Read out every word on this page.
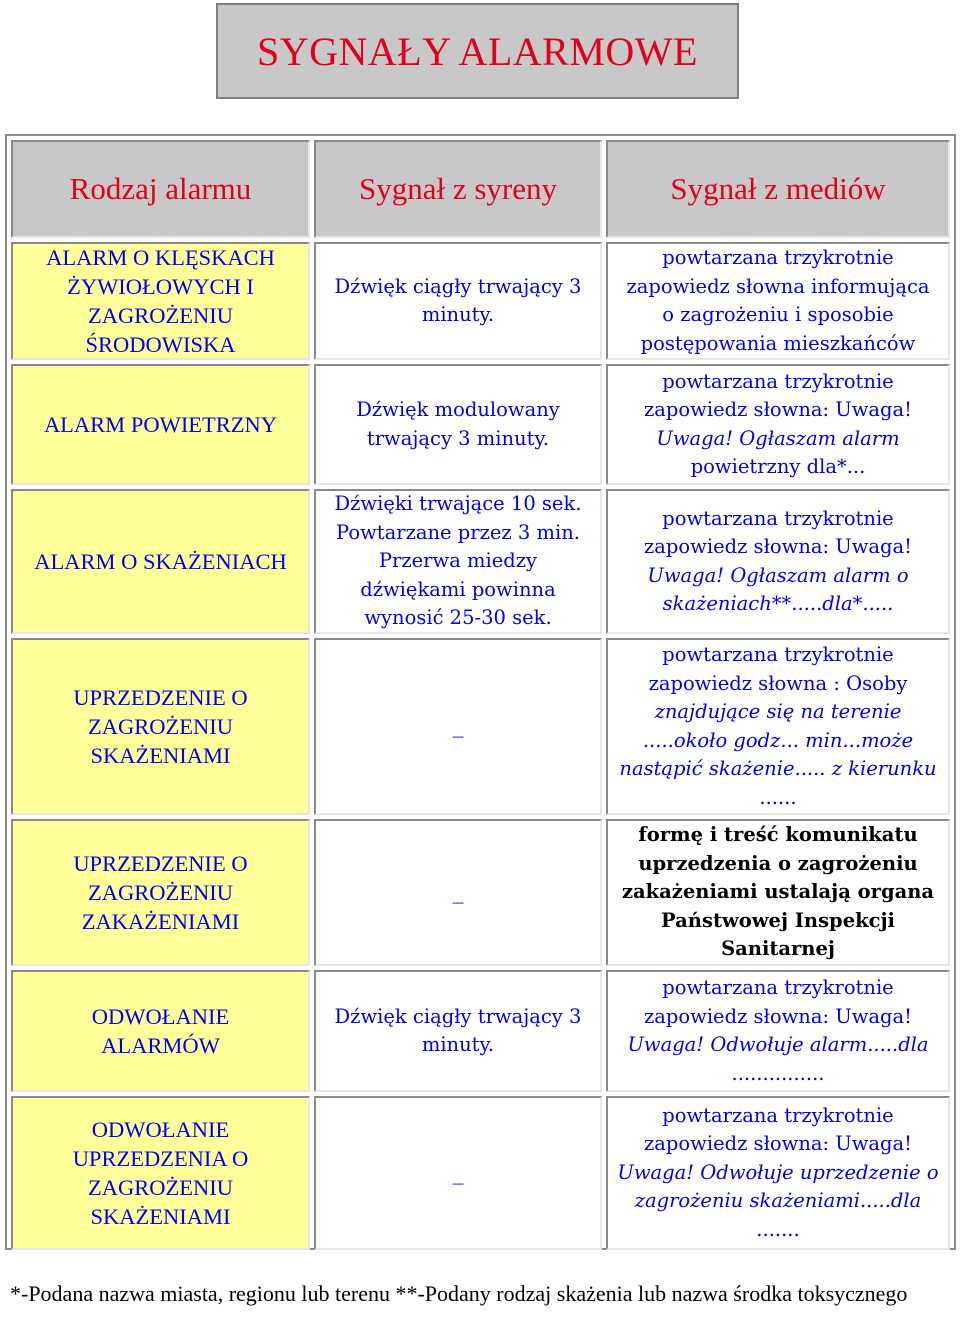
SYGNAŁY ALARMOWE
Rodzaj alarmu	Sygnał z syreny	Sygnał z mediów
ALARM O KLĘSKACH
ŻYWIOŁOWYCH I
ZAGROŻENIU
ŚRODOWISKA
Dźwięk ciągły trwający 3
minuty.
powtarzana trzykrotnie
zapowiedz słowna informująca
o zagrożeniu i sposobie
postępowania mieszkańców
ALARM POWIETRZNY
Dźwięk modulowany
trwający 3 minuty.
powtarzana trzykrotnie
zapowiedz słowna: Uwaga!
Uwaga! Ogłaszam alarm
powietrzny dla*...
ALARM O SKAŻENIACH
Dźwięki trwające 10 sek.
Powtarzane przez 3 min.
Przerwa miedzy
dźwiękami powinna
wynosić 25-30 sek.
powtarzana trzykrotnie
zapowiedz słowna: Uwaga!
Uwaga! Ogłaszam alarm o
skażeniach**.....dla*.....
UPRZEDZENIE O
ZAGROŻENIU
SKAŻENIAMI
_
powtarzana trzykrotnie
zapowiedz słowna : Osoby
znajdujące się na terenie
.....około godz... min...może
nastąpić skażenie..... z kierunku
......
UPRZEDZENIE O
ZAGROŻENIU
ZAKAŻENIAMI
_
formę i treść komunikatu
uprzedzenia o zagrożeniu
zakażeniami ustalają organa
Państwowej Inspekcji
Sanitarnej
ODWOŁANIE
ALARMÓW
Dźwięk ciągły trwający 3
minuty.
powtarzana trzykrotnie
zapowiedz słowna: Uwaga!
Uwaga! Odwołuje alarm.....dla
...............
ODWOŁANIE
UPRZEDZENIA O
ZAGROŻENIU
SKAŻENIAMI
_
powtarzana trzykrotnie
zapowiedz słowna: Uwaga!
Uwaga! Odwołuje uprzedzenie o
zagrożeniu skażeniami.....dla
.......
*-Podana nazwa miasta, regionu lub terenu **-Podany rodzaj skażenia lub nazwa środka toksycznego
